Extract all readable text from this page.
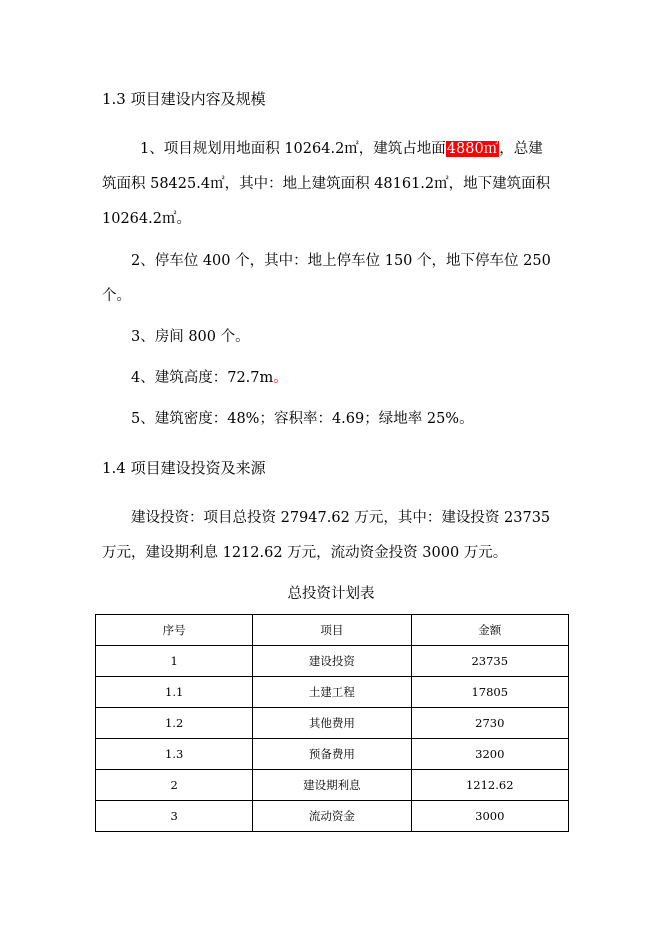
1.3 项目建设内容及规模
1、项目规划用地面积 10264.2㎡，建筑占地面4880㎡，总建
筑面积 58425.4㎡，其中：地上建筑面积 48161.2㎡，地下建筑面积
10264.2㎡。
2、停车位 400 个，其中：地上停车位 150 个，地下停车位 250
个。
3、房间 800 个。
4、建筑高度：72.7m。
5、建筑密度：48%；容积率：4.69；绿地率 25%。
1.4 项目建设投资及来源
建设投资：项目总投资 27947.62 万元，其中：建设投资 23735
万元，建设期利息 1212.62 万元，流动资金投资 3000 万元。
总投资计划表
序号	项目	金额
1	建设投资	23735
1.1	土建工程	17805
1.2	其他费用	2730
1.3	预备费用	3200
2	建设期利息	1212.62
3	流动资金	3000
